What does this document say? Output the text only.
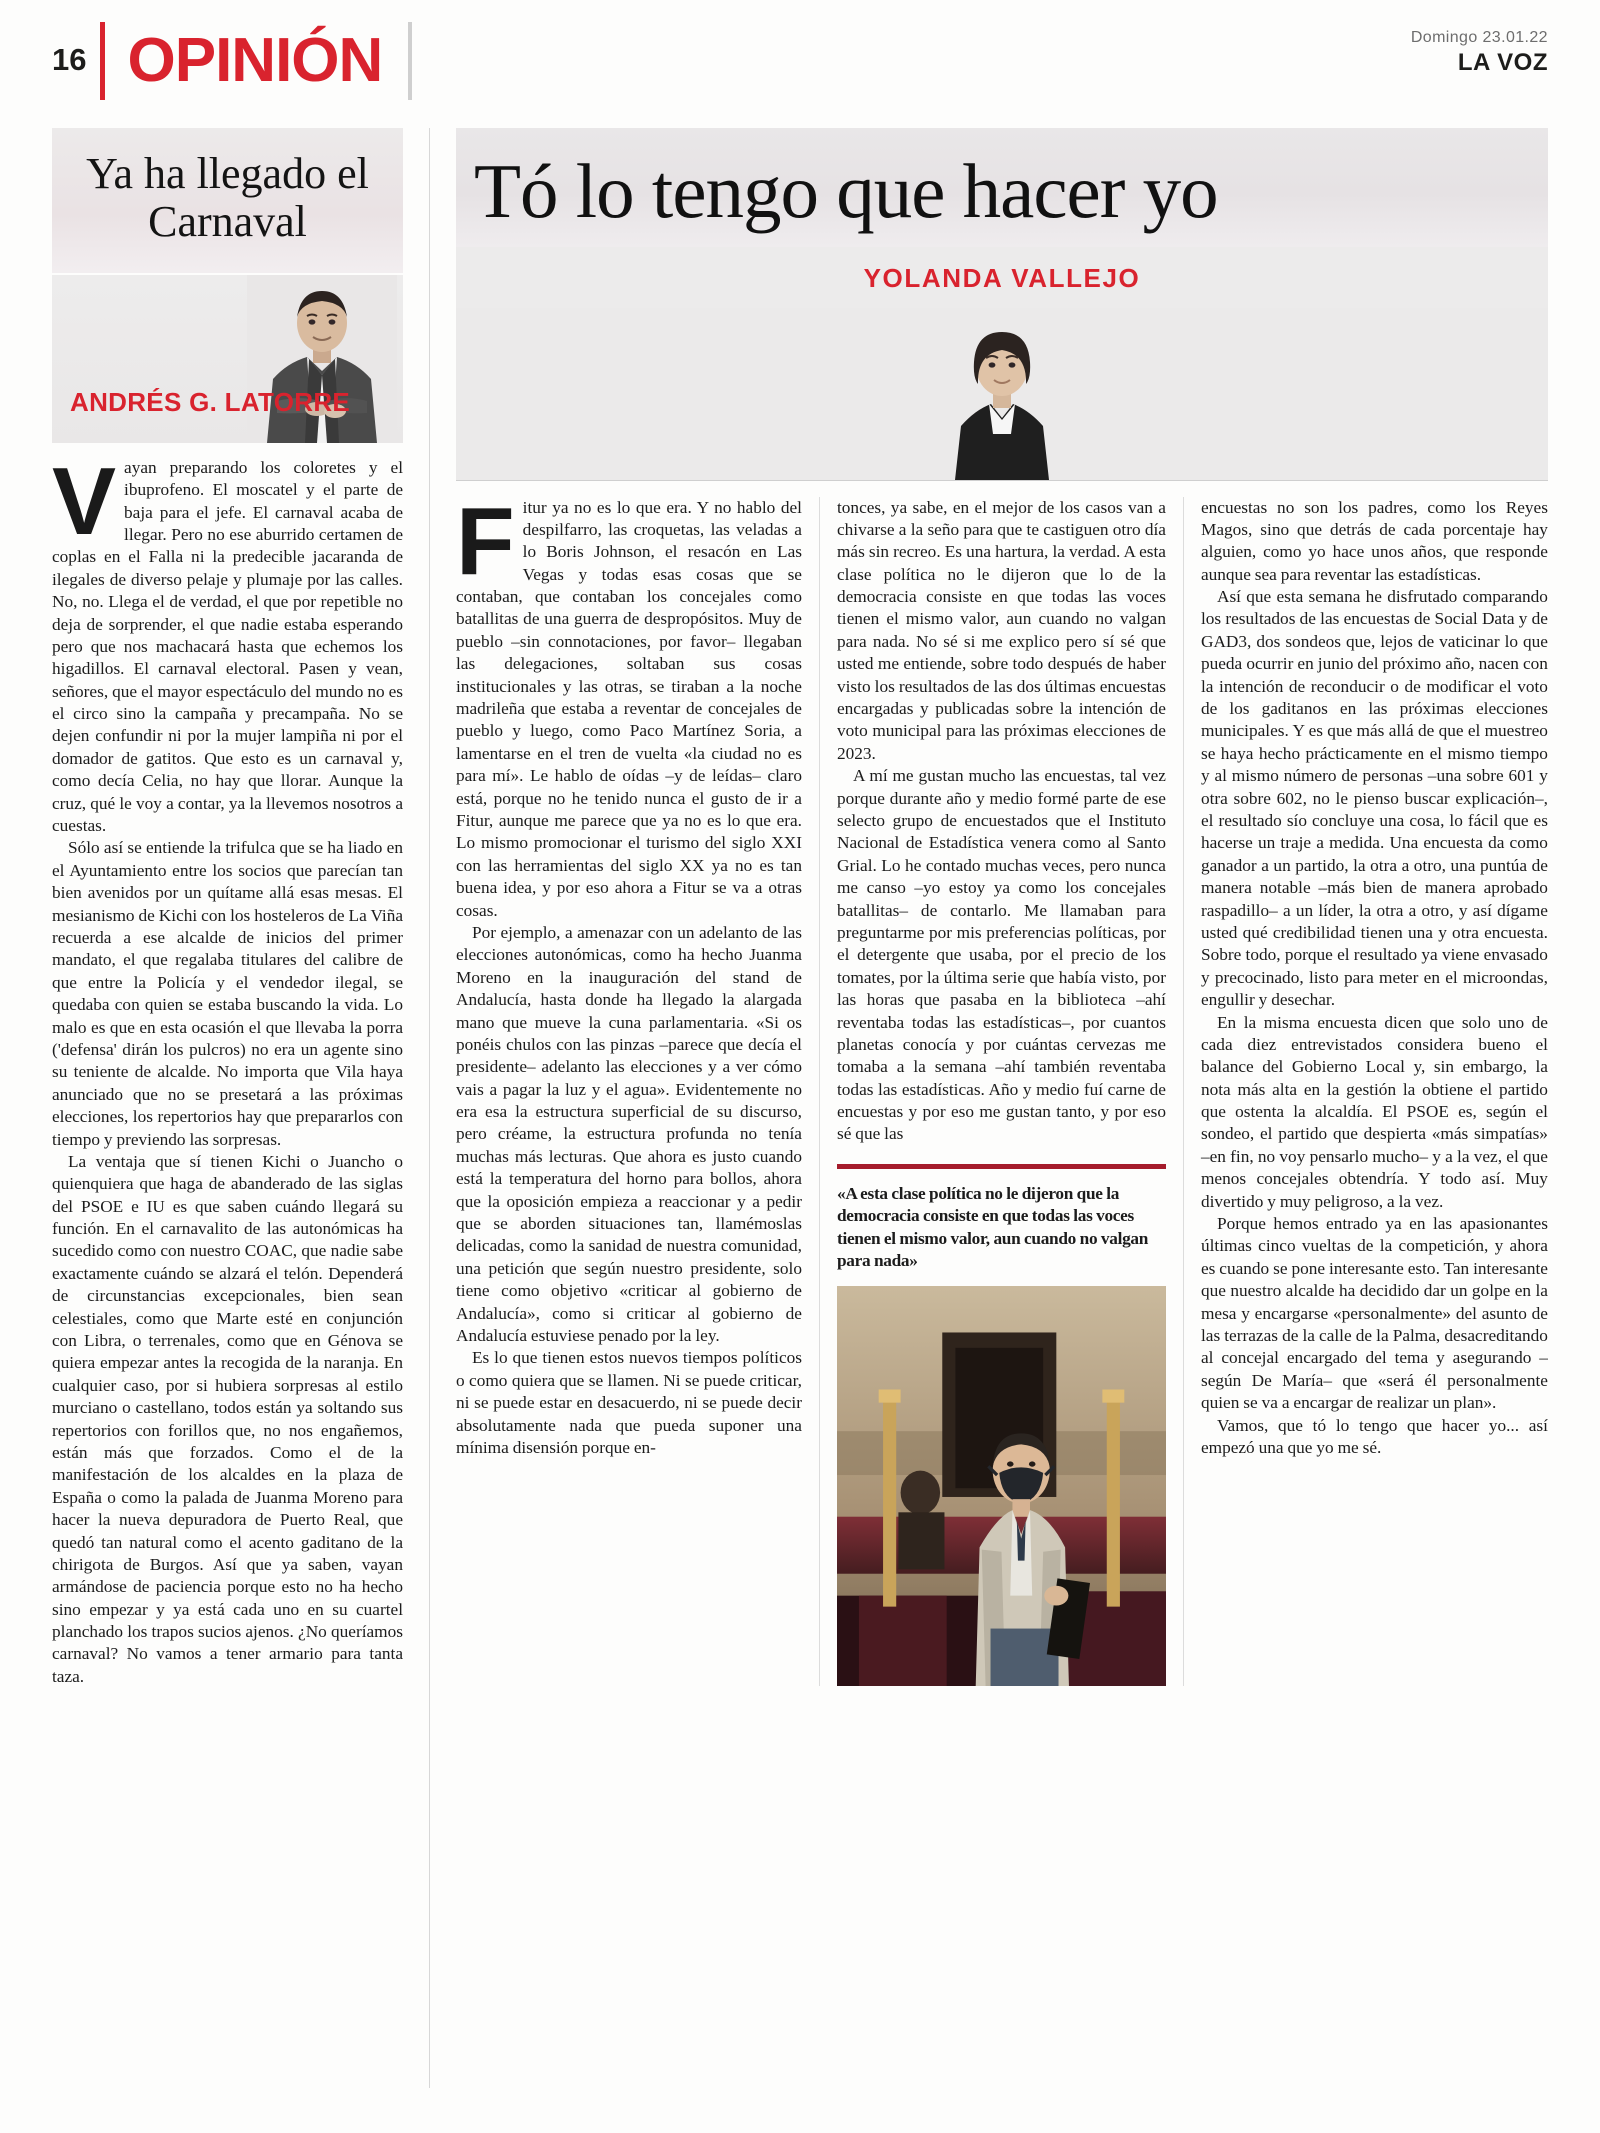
16 OPINIÓN	Domingo 23.01.22
LA VOZ
Ya ha llegado el Carnaval
ANDRÉS G. LATORRE

Vayan preparando los coloretes y el ibuprofeno. El moscatel y el parte de baja para el jefe. El carnaval acaba de llegar. Pero no ese aburrido certamen de coplas en el Falla ni la predecible jacaranda de ilegales de diverso pelaje y plumaje por las calles. No, no. Llega el de verdad, el que por repetible no deja de sorprender, el que nadie estaba esperando pero que nos machacará hasta que echemos los higadillos. El carnaval electoral. Pasen y vean, señores, que el mayor espectáculo del mundo no es el circo sino la campaña y precampaña. No se dejen confundir ni por la mujer lampiña ni por el domador de gatitos. Que esto es un carnaval y, como decía Celia, no hay que llorar. Aunque la cruz, qué le voy a contar, ya la llevemos nosotros a cuestas.

Sólo así se entiende la trifulca que se ha liado en el Ayuntamiento entre los socios que parecían tan bien avenidos por un quítame allá esas mesas. El mesianismo de Kichi con los hosteleros de La Viña recuerda a ese alcalde de inicios del primer mandato, el que regalaba titulares del calibre de que entre la Policía y el vendedor ilegal, se quedaba con quien se estaba buscando la vida. Lo malo es que en esta ocasión el que llevaba la porra ('defensa' dirán los pulcros) no era un agente sino su teniente de alcalde. No importa que Vila haya anunciado que no se presetará a las próximas elecciones, los repertorios hay que prepararlos con tiempo y previendo las sorpresas.

La ventaja que sí tienen Kichi o Juancho o quienquiera que haga de abanderado de las siglas del PSOE e IU es que saben cuándo llegará su función. En el carnavalito de las autonómicas ha sucedido como con nuestro COAC, que nadie sabe exactamente cuándo se alzará el telón. Dependerá de circunstancias excepcionales, bien sean celestiales, como que Marte esté en conjunción con Libra, o terrenales, como que en Génova se quiera empezar antes la recogida de la naranja. En cualquier caso, por si hubiera sorpresas al estilo murciano o castellano, todos están ya soltando sus repertorios con forillos que, no nos engañemos, están más que forzados. Como el de la manifestación de los alcaldes en la plaza de España o como la palada de Juanma Moreno para hacer la nueva depuradora de Puerto Real, que quedó tan natural como el acento gaditano de la chirigota de Burgos. Así que ya saben, vayan armándose de paciencia porque esto no ha hecho sino empezar y ya está cada uno en su cuartel planchado los trapos sucios ajenos. ¿No queríamos carnaval? No vamos a tener armario para tanta taza.

Tó lo tengo que hacer yo
YOLANDA VALLEJO

Fitur ya no es lo que era. Y no hablo del despilfarro, las croquetas, las veladas a lo Boris Johnson, el resacón en Las Vegas y todas esas cosas que se contaban, que contaban los concejales como batallitas de una guerra de despropósitos. Muy de pueblo –sin connotaciones, por favor– llegaban las delegaciones, soltaban sus cosas institucionales y las otras, se tiraban a la noche madrileña que estaba a reventar de concejales de pueblo y luego, como Paco Martínez Soria, a lamentarse en el tren de vuelta «la ciudad no es para mí». Le hablo de oídas –y de leídas– claro está, porque no he tenido nunca el gusto de ir a Fitur, aunque me parece que ya no es lo que era. Lo mismo promocionar el turismo del siglo XXI con las herramientas del siglo XX ya no es tan buena idea, y por eso ahora a Fitur se va a otras cosas.

Por ejemplo, a amenazar con un adelanto de las elecciones autonómicas, como ha hecho Juanma Moreno en la inauguración del stand de Andalucía, hasta donde ha llegado la alargada mano que mueve la cuna parlamentaria. «Si os ponéis chulos con las pinzas –parece que decía el presidente– adelanto las elecciones y a ver cómo vais a pagar la luz y el agua». Evidentemente no era esa la estructura superficial de su discurso, pero créame, la estructura profunda no tenía muchas más lecturas. Que ahora es justo cuando está la temperatura del horno para bollos, ahora que la oposición empieza a reaccionar y a pedir que se aborden situaciones tan, llamémoslas delicadas, como la sanidad de nuestra comunidad, una petición que según nuestro presidente, solo tiene como objetivo «criticar al gobierno de Andalucía», como si criticar al gobierno de Andalucía estuviese penado por la ley.

Es lo que tienen estos nuevos tiempos políticos o como quiera que se llamen. Ni se puede criticar, ni se puede estar en desacuerdo, ni se puede decir absolutamente nada que pueda suponer una mínima disensión porque en-

tonces, ya sabe, en el mejor de los casos van a chivarse a la seño para que te castiguen otro día más sin recreo. Es una hartura, la verdad. A esta clase política no le dijeron que lo de la democracia consiste en que todas las voces tienen el mismo valor, aun cuando no valgan para nada. No sé si me explico pero sí sé que usted me entiende, sobre todo después de haber visto los resultados de las dos últimas encuestas encargadas y publicadas sobre la intención de voto municipal para las próximas elecciones de 2023.

A mí me gustan mucho las encuestas, tal vez porque durante año y medio formé parte de ese selecto grupo de encuestados que el Instituto Nacional de Estadística venera como al Santo Grial. Lo he contado muchas veces, pero nunca me canso –yo estoy ya como los concejales batallitas– de contarlo. Me llamaban para preguntarme por mis preferencias políticas, por el detergente que usaba, por el precio de los tomates, por la última serie que había visto, por las horas que pasaba en la biblioteca –ahí reventaba todas las estadísticas–, por cuantos planetas conocía y por cuántas cervezas me tomaba a la semana –ahí también reventaba todas las estadísticas. Año y medio fuí carne de encuestas y por eso me gustan tanto, y por eso sé que las

«A esta clase política no le dijeron que la democracia consiste en que todas las voces tienen el mismo valor, aun cuando no valgan para nada»

encuestas no son los padres, como los Reyes Magos, sino que detrás de cada porcentaje hay alguien, como yo hace unos años, que responde aunque sea para reventar las estadísticas.

Así que esta semana he disfrutado comparando los resultados de las encuestas de Social Data y de GAD3, dos sondeos que, lejos de vaticinar lo que pueda ocurrir en junio del próximo año, nacen con la intención de reconducir o de modificar el voto de los gaditanos en las próximas elecciones municipales. Y es que más allá de que el muestreo se haya hecho prácticamente en el mismo tiempo y al mismo número de personas –una sobre 601 y otra sobre 602, no le pienso buscar explicación–, el resultado sío concluye una cosa, lo fácil que es hacerse un traje a medida. Una encuesta da como ganador a un partido, la otra a otro, una puntúa de manera notable –más bien de manera aprobado raspadillo– a un líder, la otra a otro, y así dígame usted qué credibilidad tienen una y otra encuesta. Sobre todo, porque el resultado ya viene envasado y precocinado, listo para meter en el microondas, engullir y desechar.

En la misma encuesta dicen que solo uno de cada diez entrevistados considera bueno el balance del Gobierno Local y, sin embargo, la nota más alta en la gestión la obtiene el partido que ostenta la alcaldía. El PSOE es, según el sondeo, el partido que despierta «más simpatías» –en fin, no voy pensarlo mucho– y a la vez, el que menos concejales obtendría. Y todo así. Muy divertido y muy peligroso, a la vez.

Porque hemos entrado ya en las apasionantes últimas cinco vueltas de la competición, y ahora es cuando se pone interesante esto. Tan interesante que nuestro alcalde ha decidido dar un golpe en la mesa y encargarse «personalmente» del asunto de las terrazas de la calle de la Palma, desacreditando al concejal encargado del tema y asegurando – según De María– que «será él personalmente quien se va a encargar de realizar un plan».

Vamos, que tó lo tengo que hacer yo... así empezó una que yo me sé.
